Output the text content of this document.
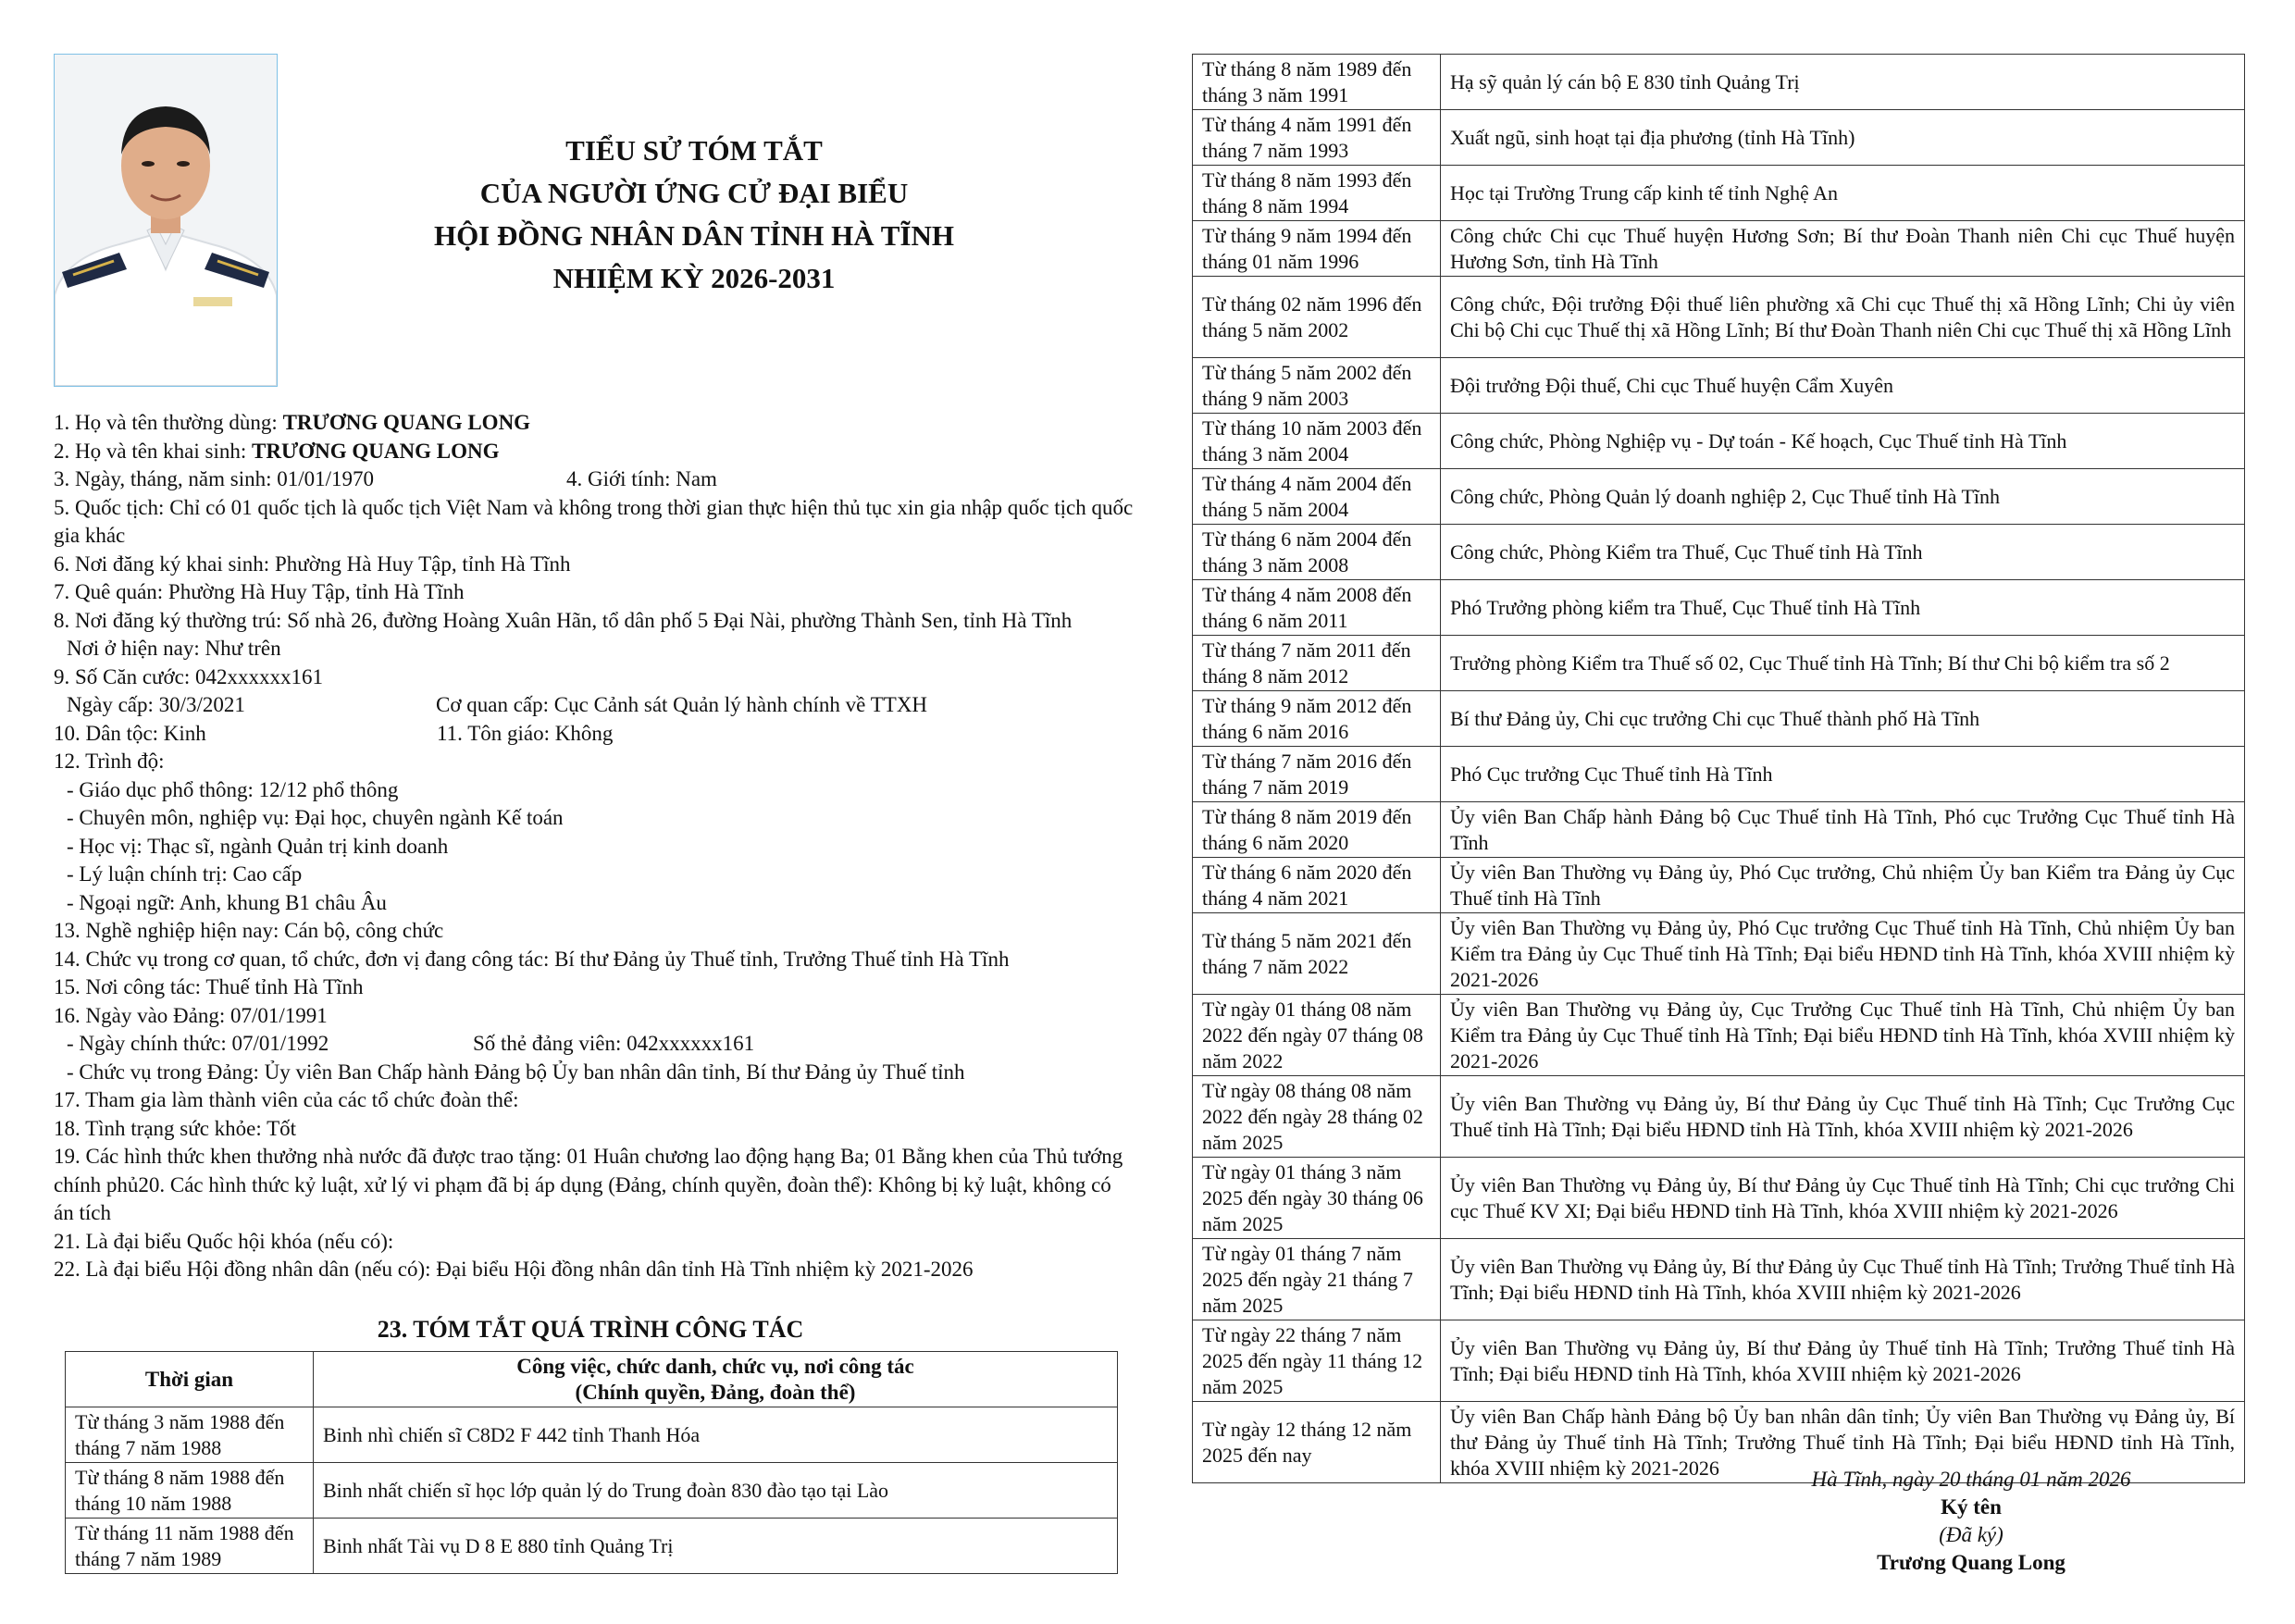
TIỂU SỬ TÓM TẮT
CỦA NGƯỜI ỨNG CỬ ĐẠI BIỂU
HỘI ĐỒNG NHÂN DÂN TỈNH HÀ TĨNH
NHIỆM KỲ 2026-2031

1. Họ và tên thường dùng: TRƯƠNG QUANG LONG

2. Họ và tên khai sinh: TRƯƠNG QUANG LONG

3. Ngày, tháng, năm sinh: 01/01/1970	4. Giới tính: Nam

5. Quốc tịch: Chỉ có 01 quốc tịch là quốc tịch Việt Nam và không trong thời gian thực hiện thủ tục xin gia nhập quốc tịch quốc gia khác

6. Nơi đăng ký khai sinh: Phường Hà Huy Tập, tỉnh Hà Tĩnh

7. Quê quán: Phường Hà Huy Tập, tỉnh Hà Tĩnh

8. Nơi đăng ký thường trú: Số nhà 26, đường Hoàng Xuân Hãn, tổ dân phố 5 Đại Nài, phường Thành Sen, tỉnh Hà Tĩnh

Nơi ở hiện nay: Như trên

9. Số Căn cước: 042xxxxxx161

Ngày cấp: 30/3/2021	Cơ quan cấp: Cục Cảnh sát Quản lý hành chính về TTXH

10. Dân tộc: Kinh	11. Tôn giáo: Không

12. Trình độ:

- Giáo dục phổ thông: 12/12 phổ thông

- Chuyên môn, nghiệp vụ: Đại học, chuyên ngành Kế toán

- Học vị: Thạc sĩ, ngành Quản trị kinh doanh

- Lý luận chính trị: Cao cấp

- Ngoại ngữ: Anh, khung B1 châu Âu

13. Nghề nghiệp hiện nay: Cán bộ, công chức

14. Chức vụ trong cơ quan, tổ chức, đơn vị đang công tác: Bí thư Đảng ủy Thuế tỉnh, Trưởng Thuế tỉnh Hà Tĩnh

15. Nơi công tác: Thuế tỉnh Hà Tĩnh

16. Ngày vào Đảng: 07/01/1991

- Ngày chính thức: 07/01/1992	Số thẻ đảng viên: 042xxxxxx161

- Chức vụ trong Đảng: Ủy viên Ban Chấp hành Đảng bộ Ủy ban nhân dân tỉnh, Bí thư Đảng ủy Thuế tỉnh

17. Tham gia làm thành viên của các tổ chức đoàn thể:

18. Tình trạng sức khỏe: Tốt

19. Các hình thức khen thưởng nhà nước đã được trao tặng: 01 Huân chương lao động hạng Ba; 01 Bằng khen của Thủ tướng chính phủ20. Các hình thức kỷ luật, xử lý vi phạm đã bị áp dụng (Đảng, chính quyền, đoàn thể): Không bị kỷ luật, không có án tích

21. Là đại biểu Quốc hội khóa (nếu có):

22. Là đại biểu Hội đồng nhân dân (nếu có): Đại biểu Hội đồng nhân dân tỉnh Hà Tĩnh nhiệm kỳ 2021-2026

23. TÓM TẮT QUÁ TRÌNH CÔNG TÁC
Thời gian	Công việc, chức danh, chức vụ, nơi công tác
(Chính quyền, Đảng, đoàn thể)

Từ tháng 3 năm 1988 đến tháng 7 năm 1988	Binh nhì chiến sĩ C8D2 F 442 tỉnh Thanh Hóa
Từ tháng 8 năm 1988 đến tháng 10 năm 1988	Binh nhất chiến sĩ học lớp quản lý do Trung đoàn 830 đào tạo tại Lào
Từ tháng 11 năm 1988 đến tháng 7 năm 1989	Binh nhất Tài vụ D 8 E 880 tỉnh Quảng Trị
Từ tháng 8 năm 1989 đến tháng 3 năm 1991	Hạ sỹ quản lý cán bộ E 830 tỉnh Quảng Trị
Từ tháng 4 năm 1991 đến tháng 7 năm 1993	Xuất ngũ, sinh hoạt tại địa phương (tỉnh Hà Tĩnh)
Từ tháng 8 năm 1993 đến tháng 8 năm 1994	Học tại Trường Trung cấp kinh tế tỉnh Nghệ An
Từ tháng 9 năm 1994 đến tháng 01 năm 1996	Công chức Chi cục Thuế huyện Hương Sơn; Bí thư Đoàn Thanh niên Chi cục Thuế huyện Hương Sơn, tỉnh Hà Tĩnh
Từ tháng 02 năm 1996 đến tháng 5 năm 2002	Công chức, Đội trưởng Đội thuế liên phường xã Chi cục Thuế thị xã Hồng Lĩnh; Chi ủy viên Chi bộ Chi cục Thuế thị xã Hồng Lĩnh; Bí thư Đoàn Thanh niên Chi cục Thuế thị xã Hồng Lĩnh
Từ tháng 5 năm 2002 đến tháng 9 năm 2003	Đội trưởng Đội thuế, Chi cục Thuế huyện Cẩm Xuyên
Từ tháng 10 năm 2003 đến tháng 3 năm 2004	Công chức, Phòng Nghiệp vụ - Dự toán - Kế hoạch, Cục Thuế tỉnh Hà Tĩnh
Từ tháng 4 năm 2004 đến tháng 5 năm 2004	Công chức, Phòng Quản lý doanh nghiệp 2, Cục Thuế tỉnh Hà Tĩnh
Từ tháng 6 năm 2004 đến tháng 3 năm 2008	Công chức, Phòng Kiểm tra Thuế, Cục Thuế tỉnh Hà Tĩnh
Từ tháng 4 năm 2008 đến tháng 6 năm 2011	Phó Trưởng phòng kiểm tra Thuế, Cục Thuế tỉnh Hà Tĩnh
Từ tháng 7 năm 2011 đến tháng 8 năm 2012	Trưởng phòng Kiểm tra Thuế số 02, Cục Thuế tỉnh Hà Tĩnh; Bí thư Chi bộ kiểm tra số 2
Từ tháng 9 năm 2012 đến tháng 6 năm 2016	Bí thư Đảng ủy, Chi cục trưởng Chi cục Thuế thành phố Hà Tĩnh
Từ tháng 7 năm 2016 đến tháng 7 năm 2019	Phó Cục trưởng Cục Thuế tỉnh Hà Tĩnh
Từ tháng 8 năm 2019 đến tháng 6 năm 2020	Ủy viên Ban Chấp hành Đảng bộ Cục Thuế tỉnh Hà Tĩnh, Phó cục Trưởng Cục Thuế tỉnh Hà Tĩnh
Từ tháng 6 năm 2020 đến tháng 4 năm 2021	Ủy viên Ban Thường vụ Đảng ủy, Phó Cục trưởng, Chủ nhiệm Ủy ban Kiểm tra Đảng ủy Cục Thuế tỉnh Hà Tĩnh
Từ tháng 5 năm 2021 đến tháng 7 năm 2022	Ủy viên Ban Thường vụ Đảng ủy, Phó Cục trưởng Cục Thuế tỉnh Hà Tĩnh, Chủ nhiệm Ủy ban Kiểm tra Đảng ủy Cục Thuế tỉnh Hà Tĩnh; Đại biểu HĐND tỉnh Hà Tĩnh, khóa XVIII nhiệm kỳ 2021-2026
Từ ngày 01 tháng 08 năm 2022 đến ngày 07 tháng 08 năm 2022	Ủy viên Ban Thường vụ Đảng ủy, Cục Trưởng Cục Thuế tỉnh Hà Tĩnh, Chủ nhiệm Ủy ban Kiểm tra Đảng ủy Cục Thuế tỉnh Hà Tĩnh; Đại biểu HĐND tỉnh Hà Tĩnh, khóa XVIII nhiệm kỳ 2021-2026
Từ ngày 08 tháng 08 năm 2022 đến ngày 28 tháng 02 năm 2025	Ủy viên Ban Thường vụ Đảng ủy, Bí thư Đảng ủy Cục Thuế tỉnh Hà Tĩnh; Cục Trưởng Cục Thuế tỉnh Hà Tĩnh; Đại biểu HĐND tỉnh Hà Tĩnh, khóa XVIII nhiệm kỳ 2021-2026
Từ ngày 01 tháng 3 năm 2025 đến ngày 30 tháng 06 năm 2025	Ủy viên Ban Thường vụ Đảng ủy, Bí thư Đảng ủy Cục Thuế tỉnh Hà Tĩnh; Chi cục trưởng Chi cục Thuế KV XI; Đại biểu HĐND tỉnh Hà Tĩnh, khóa XVIII nhiệm kỳ 2021-2026
Từ ngày 01 tháng 7 năm 2025 đến ngày 21 tháng 7 năm 2025	Ủy viên Ban Thường vụ Đảng ủy, Bí thư Đảng ủy Cục Thuế tỉnh Hà Tĩnh; Trưởng Thuế tỉnh Hà Tĩnh; Đại biểu HĐND tỉnh Hà Tĩnh, khóa XVIII nhiệm kỳ 2021-2026
Từ ngày 22 tháng 7 năm 2025 đến ngày 11 tháng 12 năm 2025	Ủy viên Ban Thường vụ Đảng ủy, Bí thư Đảng ủy Thuế tỉnh Hà Tĩnh; Trưởng Thuế tỉnh Hà Tĩnh; Đại biểu HĐND tỉnh Hà Tĩnh, khóa XVIII nhiệm kỳ 2021-2026
Từ ngày 12 tháng 12 năm 2025 đến nay	Ủy viên Ban Chấp hành Đảng bộ Ủy ban nhân dân tỉnh; Ủy viên Ban Thường vụ Đảng ủy, Bí thư Đảng ủy Thuế tỉnh Hà Tĩnh; Trưởng Thuế tỉnh Hà Tĩnh; Đại biểu HĐND tỉnh Hà Tĩnh, khóa XVIII nhiệm kỳ 2021-2026	Hà Tĩnh, ngày 20 tháng 01 năm 2026

Ký tên

(Đã ký)

Trương Quang Long
